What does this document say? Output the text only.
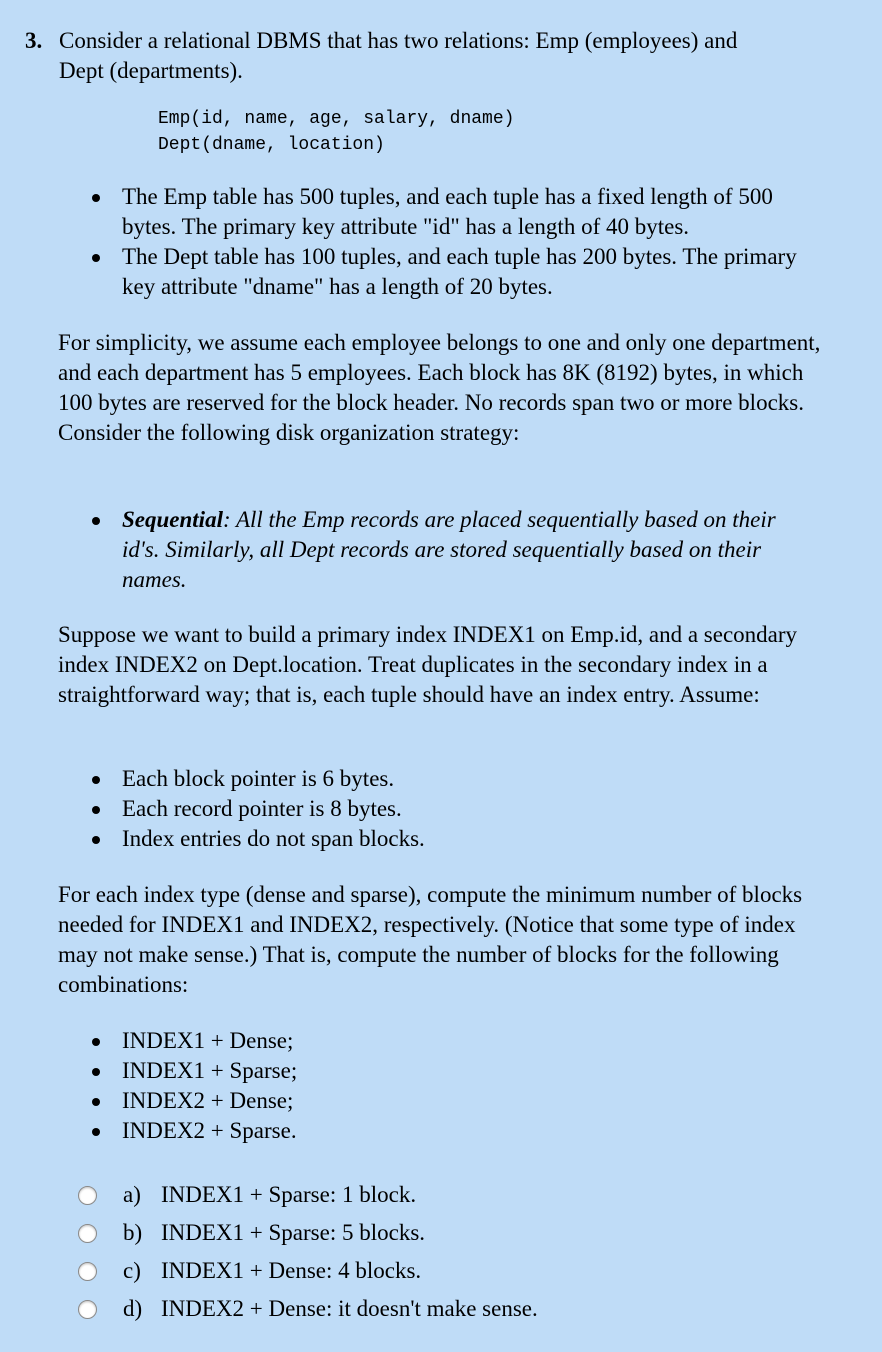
3. Consider a relational DBMS that has two relations: Emp (employees) and
Dept (departments).
Emp(id, name, age, salary, dname)
Dept(dname, location)
The Emp table has 500 tuples, and each tuple has a fixed length of 500 bytes. The primary key attribute "id" has a length of 40 bytes.
The Dept table has 100 tuples, and each tuple has 200 bytes. The primary key attribute "dname" has a length of 20 bytes.
For simplicity, we assume each employee belongs to one and only one department, and each department has 5 employees. Each block has 8K (8192) bytes, in which 100 bytes are reserved for the block header. No records span two or more blocks. Consider the following disk organization strategy:
Sequential: All the Emp records are placed sequentially based on their id's. Similarly, all Dept records are stored sequentially based on their names.
Suppose we want to build a primary index INDEX1 on Emp.id, and a secondary index INDEX2 on Dept.location. Treat duplicates in the secondary index in a straightforward way; that is, each tuple should have an index entry. Assume:
Each block pointer is 6 bytes.
Each record pointer is 8 bytes.
Index entries do not span blocks.
For each index type (dense and sparse), compute the minimum number of blocks needed for INDEX1 and INDEX2, respectively. (Notice that some type of index may not make sense.) That is, compute the number of blocks for the following combinations:
INDEX1 + Dense;
INDEX1 + Sparse;
INDEX2 + Dense;
INDEX2 + Sparse.
a) INDEX1 + Sparse: 1 block.
b) INDEX1 + Sparse: 5 blocks.
c) INDEX1 + Dense: 4 blocks.
d) INDEX2 + Dense: it doesn't make sense.
